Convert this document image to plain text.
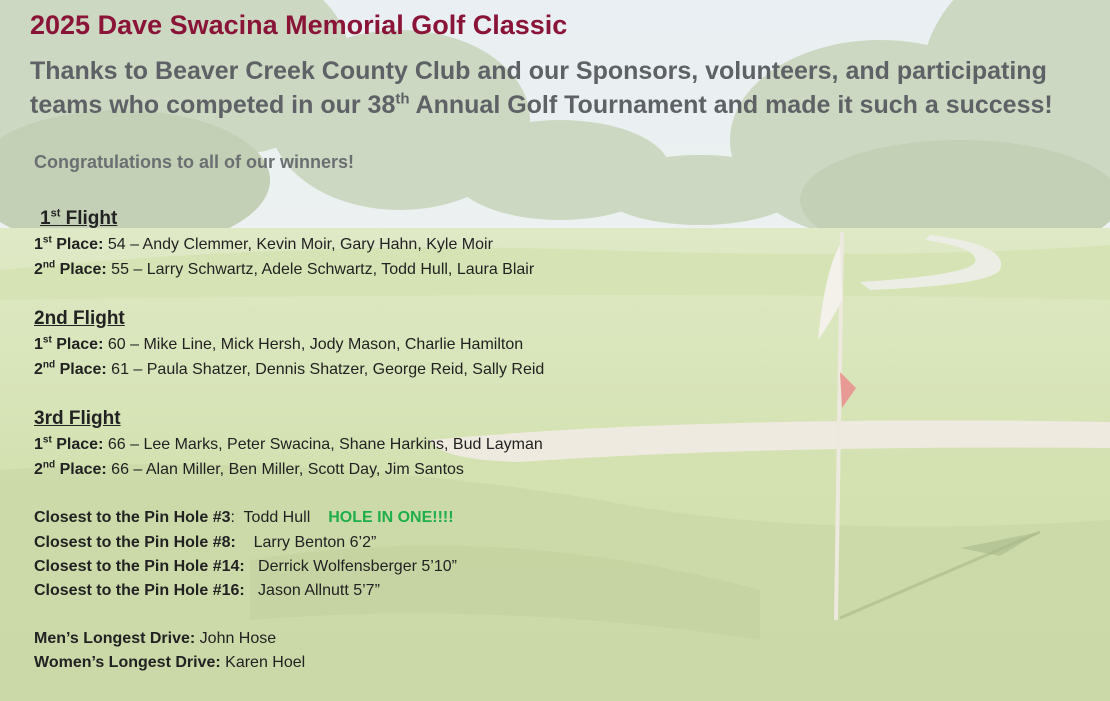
2025 Dave Swacina Memorial Golf Classic

Thanks to Beaver Creek County Club and our Sponsors, volunteers, and participating
teams who competed in our 38th Annual Golf Tournament and made it such a success!

Congratulations to all of our winners!
1st Flight
1st Place: 54 – Andy Clemmer, Kevin Moir, Gary Hahn, Kyle Moir
2nd Place: 55 – Larry Schwartz, Adele Schwartz, Todd Hull, Laura Blair
2nd Flight
1st Place: 60 – Mike Line, Mick Hersh, Jody Mason, Charlie Hamilton
2nd Place: 61 – Paula Shatzer, Dennis Shatzer, George Reid, Sally Reid
3rd Flight
1st Place: 66 – Lee Marks, Peter Swacina, Shane Harkins, Bud Layman
2nd Place: 66 – Alan Miller, Ben Miller, Scott Day, Jim Santos
Closest to the Pin Hole #3:  Todd Hull HOLE IN ONE!!!!
Closest to the Pin Hole #8:    Larry Benton 6’2”
Closest to the Pin Hole #14:   Derrick Wolfensberger 5’10”
Closest to the Pin Hole #16:   Jason Allnutt 5’7”
Men’s Longest Drive: John Hose
Women’s Longest Drive: Karen Hoel
